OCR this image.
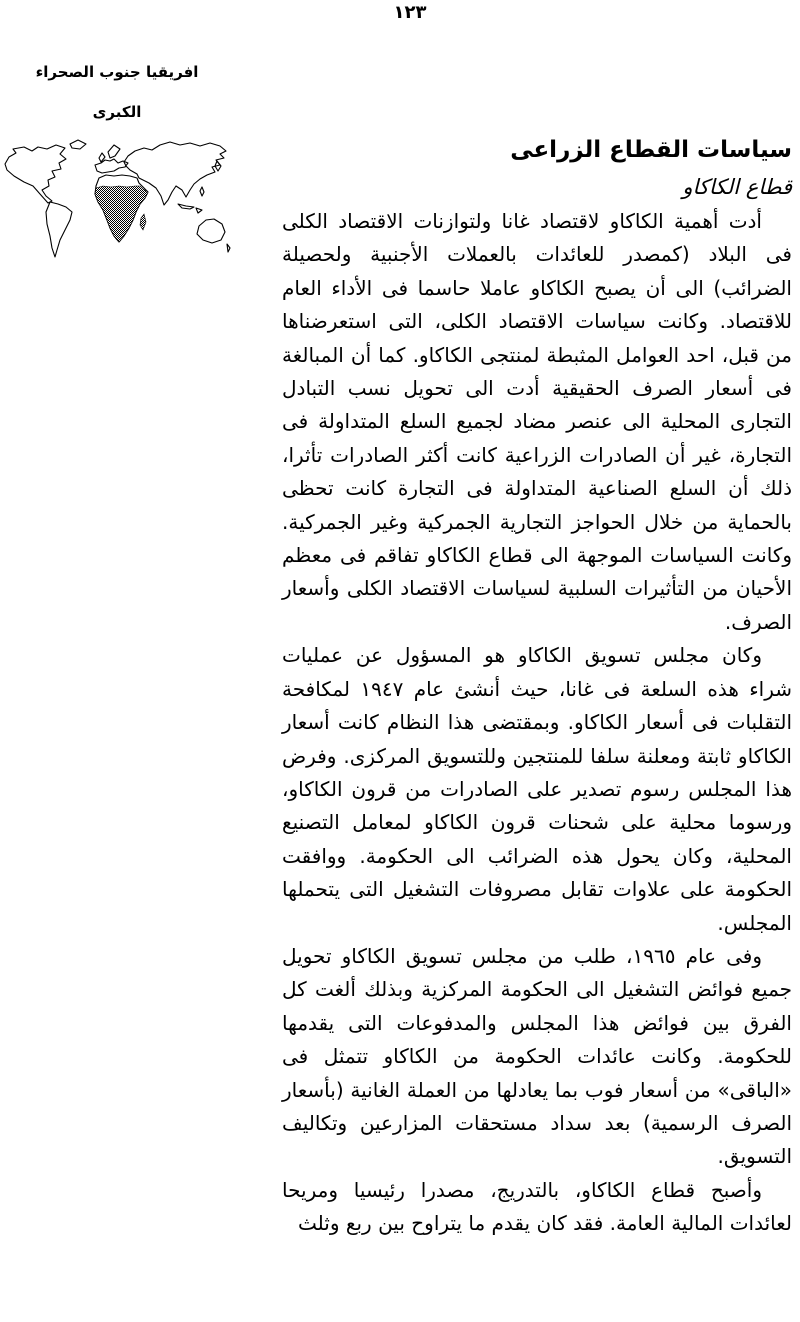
١٢٣
افريقيا جنوب الصحراء
الكبرى
سياسات القطاع الزراعى
قطاع الكاكاو

أدت أهمية الكاكاو لاقتصاد غانا ولتوازنات الاقتصاد الكلى فى البلاد (كمصدر للعائدات بالعملات الأجنبية ولحصيلة الضرائب) الى أن يصبح الكاكاو عاملا حاسما فى الأداء العام للاقتصاد. وكانت سياسات الاقتصاد الكلى، التى استعرضناها من قبل، احد العوامل المثبطة لمنتجى الكاكاو. كما أن المبالغة فى أسعار الصرف الحقيقية أدت الى تحويل نسب التبادل التجارى المحلية الى عنصر مضاد لجميع السلع المتداولة فى التجارة، غير أن الصادرات الزراعية كانت أكثر الصادرات تأثرا، ذلك أن السلع الصناعية المتداولة فى التجارة كانت تحظى بالحماية من خلال الحواجز التجارية الجمركية وغير الجمركية. وكانت السياسات الموجهة الى قطاع الكاكاو تفاقم فى معظم الأحيان من التأثيرات السلبية لسياسات الاقتصاد الكلى وأسعار الصرف.

وكان مجلس تسويق الكاكاو هو المسؤول عن عمليات شراء هذه السلعة فى غانا، حيث أنشئ عام ١٩٤٧ لمكافحة التقلبات فى أسعار الكاكاو. وبمقتضى هذا النظام كانت أسعار الكاكاو ثابتة ومعلنة سلفا للمنتجين وللتسويق المركزى. وفرض هذا المجلس رسوم تصدير على الصادرات من قرون الكاكاو، ورسوما محلية على شحنات قرون الكاكاو لمعامل التصنيع المحلية، وكان يحول هذه الضرائب الى الحكومة. ووافقت الحكومة على علاوات تقابل مصروفات التشغيل التى يتحملها المجلس.

وفى عام ١٩٦٥، طلب من مجلس تسويق الكاكاو تحويل جميع فوائض التشغيل الى الحكومة المركزية وبذلك ألغت كل الفرق بين فوائض هذا المجلس والمدفوعات التى يقدمها للحكومة. وكانت عائدات الحكومة من الكاكاو تتمثل فى «الباقى» من أسعار فوب بما يعادلها من العملة الغانية (بأسعار الصرف الرسمية) بعد سداد مستحقات المزارعين وتكاليف التسويق.

وأصبح قطاع الكاكاو، بالتدريج، مصدرا رئيسيا ومريحا لعائدات المالية العامة. فقد كان يقدم ما يتراوح بين ربع وثلث
